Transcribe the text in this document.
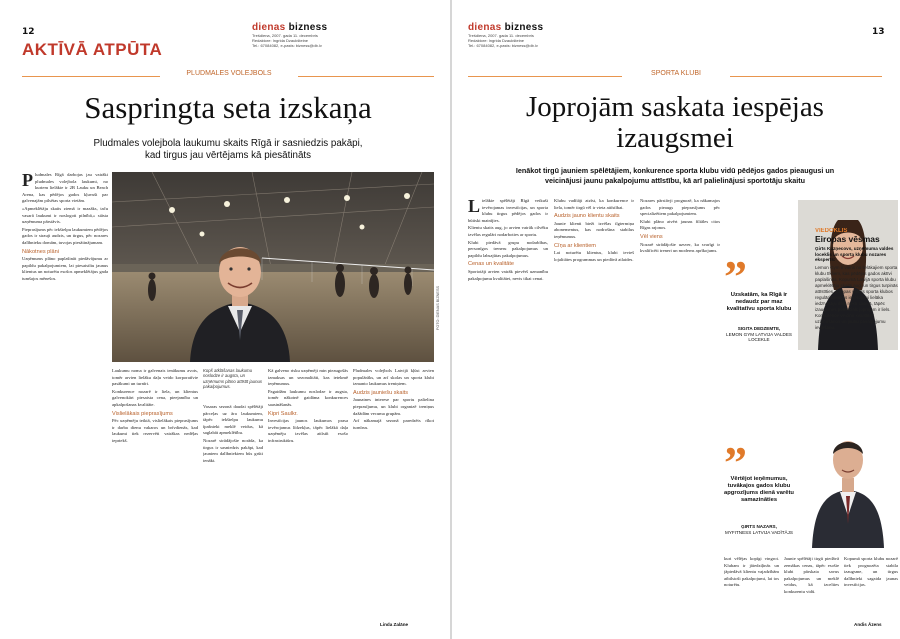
12
AKTĪVĀ ATPŪTA
dienas bizness
Trešdiena, 2007. gada 11. decembris
Redaktore: Ingrida Dzaukšteine
Tel.: 67084082, e-pasts: bizness@db.lv
PLUDMALES VOLEJBOLS
Saspringta seta izskaņa
Pludmales volejbola laukumu skaits Rīgā ir sasniedzis pakāpi,
kad tirgus jau vērtējams kā piesātināts

Pludmales Rīgā darbojas jau vairāki pludmales volejbola laukumi, no kuriem lielākie ir 2B Lauku un Beach Arena, kas pēdējos gados kļuvuši par galvenajām pilsētas sporta vietām.

«Apmeklētāju skaits ziemā ir mazāks, taču vasarā laukumi ir noslogoti pilnībā,» stāsta uzņēmuma pārstāvis.

Pieprasījums pēc iekštelpu laukumiem pēdējos gados ir strauji audzis, un tirgus, pēc nozares dalībnieku domām, tuvojas piesātinājumam.

Nākotnes plāni

Uzņēmums plāno paplašināt piedāvājumu ar papildu pakalpojumiem, lai piesaistītu jaunus klientus un noturētu esošos apmeklētājus gada tumšajos mēnešos.

FOTO: DIENAS BIZNESS

Laukumu noma ir galvenais ienākumu avots, tomēr arvien lielāku daļu veido korporatīvie pasākumi un turnīri.

Konkurence nozarē ir liela, un klientus galvenokārt piesaista cena, pieejamība un apkalpošanas kvalitāte.

Vislielākais pieprasījums

Pēc uzņēmēju teiktā, vislielākais pieprasījums ir darba dienu vakaros un brīvdienās, kad laukumi tiek rezervēti vairākas nedēļas iepriekš.

Kopš atklāšanas laukumu noslodze ir augsta, un uzņēmums plāno attīstīt jaunus pakalpojumus.

Vasaras sezonā daudzi spēlētāji pārceļas uz āra laukumiem, tāpēc iekštelpu laukumu īpašnieki meklē veidus, kā saglabāt apmeklētību.

Nozarē strādājošie norāda, ka tirgus ir sasniedzis pakāpi, kad jauniem dalībniekiem būs grūti ienākt.

Kā galveno risku uzņēmēji min pieaugošās izmaksas un sezonalitāti, kas ietekmē ieņēmumus.

Pagaidām laukumu noslodze ir augsta, tomēr nākotnē gaidāma konkurences saasināšanās.

Kipri Saulkr.

Investīcijas jaunos laukumos prasa ievērojamus līdzekļus, tāpēc lielākā daļa uzņēmēju izvēlas attīstīt esošo infrastruktūru.

Pludmales volejbols Latvijā kļūst arvien populārāks, un arī skolas un sporta klubi izmanto laukumus treniņiem.

Audzis jauniešu skaits

Jaunatnes interese par sportu palielina pieprasījumu, un klubi organizē treniņus dažādām vecuma grupām.

Arī nākamajā sezonā paredzēts rīkot turnīrus.

Linda Zalāne
13
dienas bizness
Trešdiena, 2007. gada 11. decembris
Redaktore: Ingrida Dzaukšteine
Tel.: 67084082, e-pasts: bizness@db.lv
SPORTA KLUBI
Joprojām saskata iespējas
izaugsmei
Ienākot tirgū jauniem spēlētājiem, konkurence sporta klubu vidū pēdējos gados pieaugusi un
veicinājusi jaunu pakalpojumu attīstību, kā arī palielinājusi sportotāju skaitu

Lielākie spēlētāji Rīgā veikuši ievērojamas investīcijas, un sporta klubu tirgus pēdējos gados ir būtiski mainījies.

Klientu skaits aug, jo arvien vairāk cilvēku izvēlas regulāri nodarboties ar sportu.

Klubi piedāvā grupu nodarbības, personīgos treneru pakalpojumus un papildu labsajūtas pakalpojumus.

Cenas un kvalitāte

Sportotāji arvien vairāk pievērš uzmanību pakalpojumu kvalitātei, nevis tikai cenai.

Klubu vadītāji atzīst, ka konkurence ir liela, tomēr tirgū vēl ir vieta attīstībai.

Audzis jauno klientu skaits

Jaunie klienti bieži izvēlas ilgtermiņa abonementus, kas nodrošina stabilus ieņēmumus.

Cīņa ar klientiem

Lai noturētu klientus, klubi ievieš lojalitātes programmas un piedāvā atlaides.

Nozares pārstāvji prognozē, ka nākamajos gados pieaugs pieprasījums pēc specializētiem pakalpojumiem.

Klubi plāno atvērt jaunas filiāles citos Rīgas rajonos.

Vēl viens

Nozarē strādājošie uzsver, ka svarīgi ir kvalificēti treneri un moderns aprīkojums.

”
Uzskatām, ka Rīgā ir nedaudz par maz kvalitatīvu sporta klubu
SIGITA DEDZEMTE,
LEMON GYM LATVIJA VALDES LOCEKLE
”
Vērtējot ieņēmumus, tuvākajos gados klubu apgrozījums dienā varētu samazināties
ĢIRTS NAZARS,
MYFITNESS LATVIJA VADĪTĀJS
VIEDOKLIS
Eiropas vēsmas
Ģirts Kuzņecovs, uzņēmuma valdes loceklis un sporta klubu nozares eksperts:
Lemon Gym ir viens no lielākajiem sporta klubu tīkliem, kas pēdējos gados aktīvi paplašinās. Kopumā Latvijā sporta klubu apmeklētāju skaits aug, un tirgus turpinās attīstīties. Eiropas valstīs sporta klubos regulāri trenējas ievērojami lielāka iedzīvotāju daļa nekā Latvijā, tāpēc izaugsmes potenciāls joprojām ir liels. Konkurence veicina kvalitātes uzlabošanos un jaunu pakalpojumu ieviešanu.

kuri vēlējas kopīgi vingrot. Klubam ir jāiedziļinās un jāpiedāvā klientu vajadzībām atbilstoši pakalpojumi, lai tos noturētu.

Jaunie spēlētāji tirgū piedāvā zemākas cenas, tāpēc esošie klubi pārskata savus pakalpojumus un meklē veidus, kā izcelties konkurentu vidū.

Kopumā sporta klubu nozarē tiek prognozēta stabila izaugsme, un tirgus dalībnieki sagaida jaunas investīcijas.

Andis Āzens
